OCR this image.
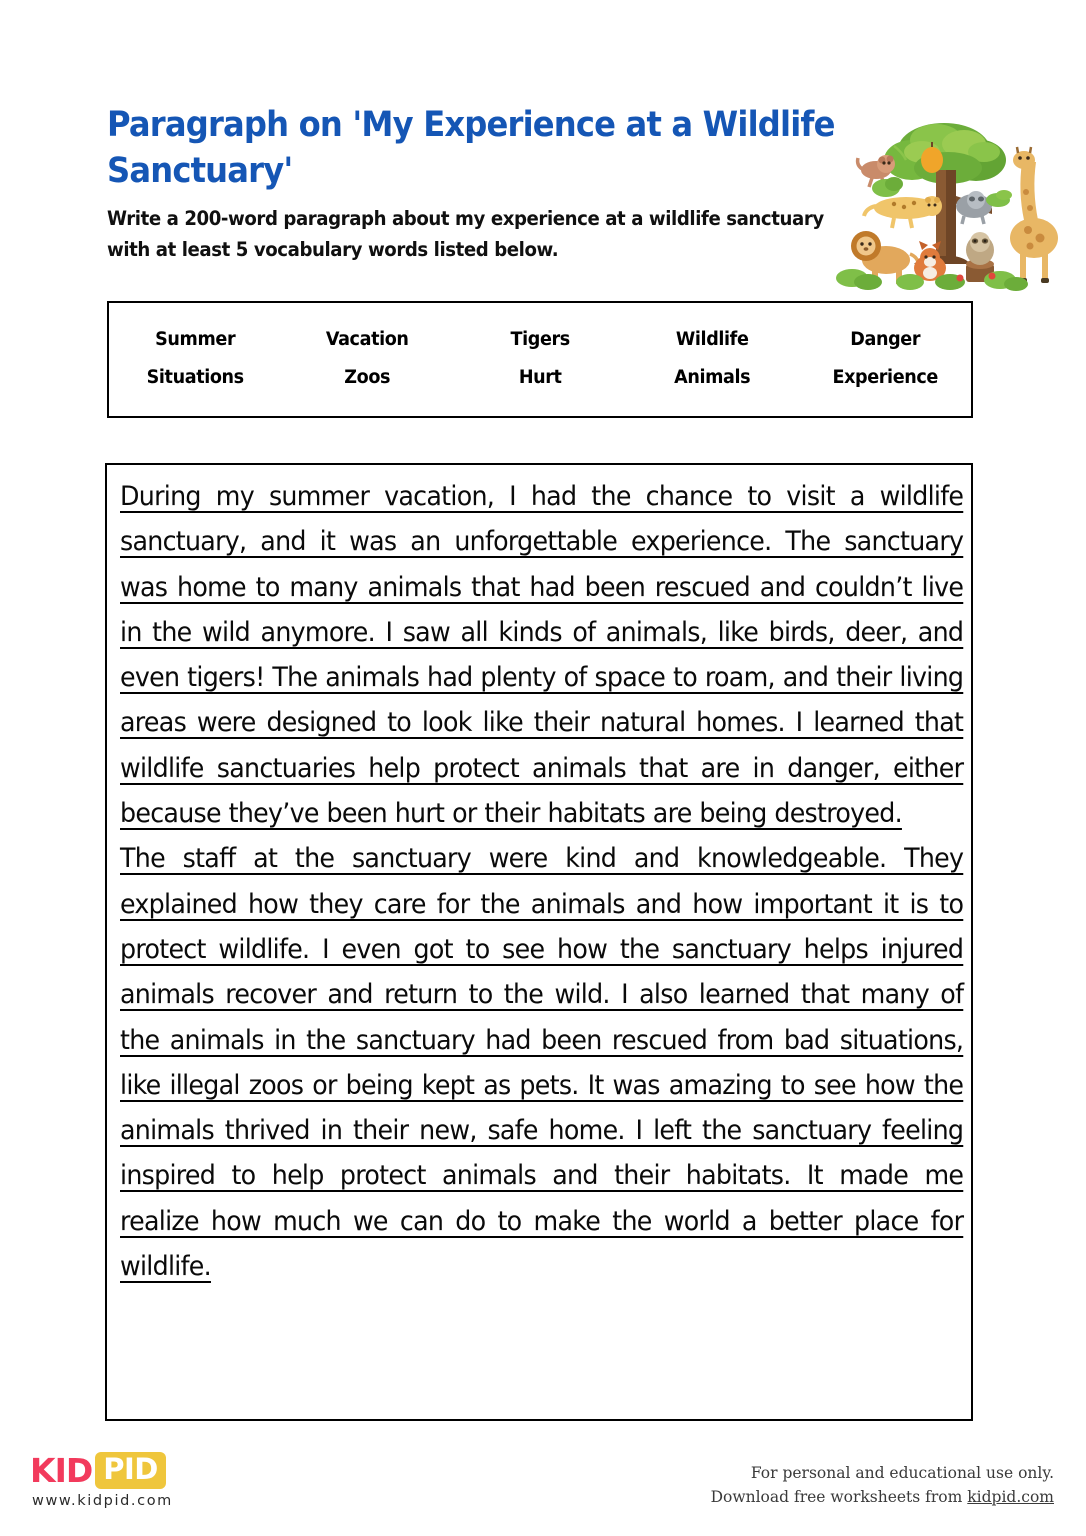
Paragraph on 'My Experience at a Wildlife Sanctuary'
Write a 200-word paragraph about my experience at a wildlife sanctuary with at least 5 vocabulary words listed below.
Summer	Vacation	Tigers	Wildlife	Danger
Situations	Zoos	Hurt	Animals	Experience

During my summer vacation, I had the chance to visit a wildlife sanctuary, and it was an unforgettable experience. The sanctuary was home to many animals that had been rescued and couldn’t live in the wild anymore. I saw all kinds of animals, like birds, deer, and even tigers! The animals had plenty of space to roam, and their living areas were designed to look like their natural homes. I learned that wildlife sanctuaries help protect animals that are in danger, either because they’ve been hurt or their habitats are being destroyed.

The staff at the sanctuary were kind and knowledgeable. They explained how they care for the animals and how important it is to protect wildlife. I even got to see how the sanctuary helps injured animals recover and return to the wild. I also learned that many of the animals in the sanctuary had been rescued from bad situations, like illegal zoos or being kept as pets. It was amazing to see how the animals thrived in their new, safe home. I left the sanctuary feeling inspired to help protect animals and their habitats. It made me realize how much we can do to make the world a better place for wildlife.

KID PID
www.kidpid.com
For personal and educational use only.
Download free worksheets from kidpid.com
